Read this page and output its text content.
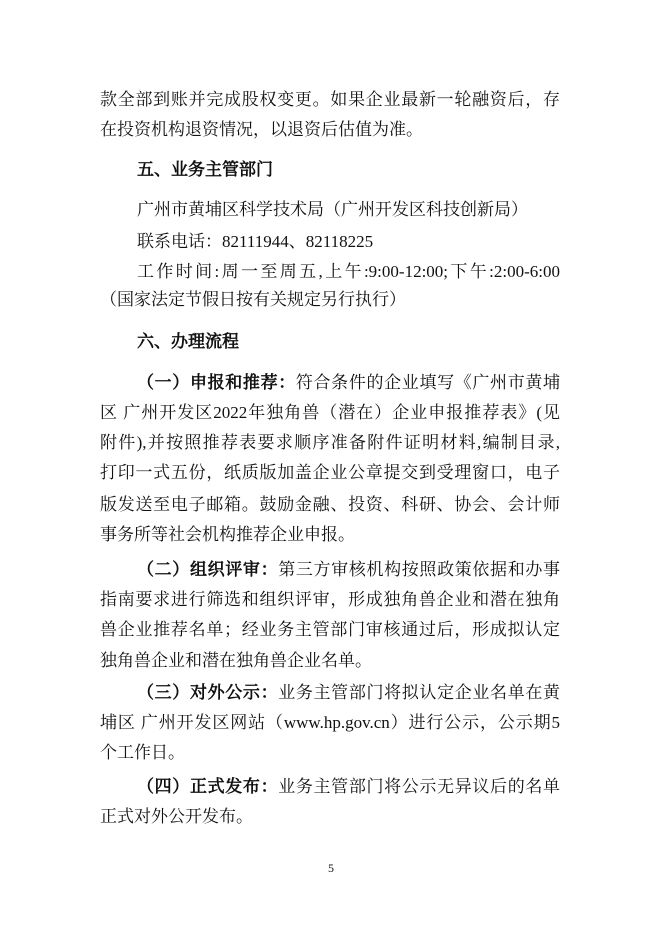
款全部到账并完成股权变更。如果企业最新一轮融资后，存
在投资机构退资情况，以退资后估值为准。
五、业务主管部门
广州市黄埔区科学技术局（广州开发区科技创新局）
联系电话：82111944、82118225
工作时间:周一至周五,上午:9:00-12:00;下午:2:00-6:00
（国家法定节假日按有关规定另行执行）
六、办理流程
（一）申报和推荐：符合条件的企业填写《广州市黄埔
区 广州开发区2022年独角兽（潜在）企业申报推荐表》(见
附件),并按照推荐表要求顺序准备附件证明材料,编制目录,
打印一式五份，纸质版加盖企业公章提交到受理窗口，电子
版发送至电子邮箱。鼓励金融、投资、科研、协会、会计师
事务所等社会机构推荐企业申报。
（二）组织评审：第三方审核机构按照政策依据和办事
指南要求进行筛选和组织评审，形成独角兽企业和潜在独角
兽企业推荐名单；经业务主管部门审核通过后，形成拟认定
独角兽企业和潜在独角兽企业名单。
（三）对外公示：业务主管部门将拟认定企业名单在黄
埔区 广州开发区网站（www.hp.gov.cn）进行公示，公示期5
个工作日。
（四）正式发布：业务主管部门将公示无异议后的名单
正式对外公开发布。
5
